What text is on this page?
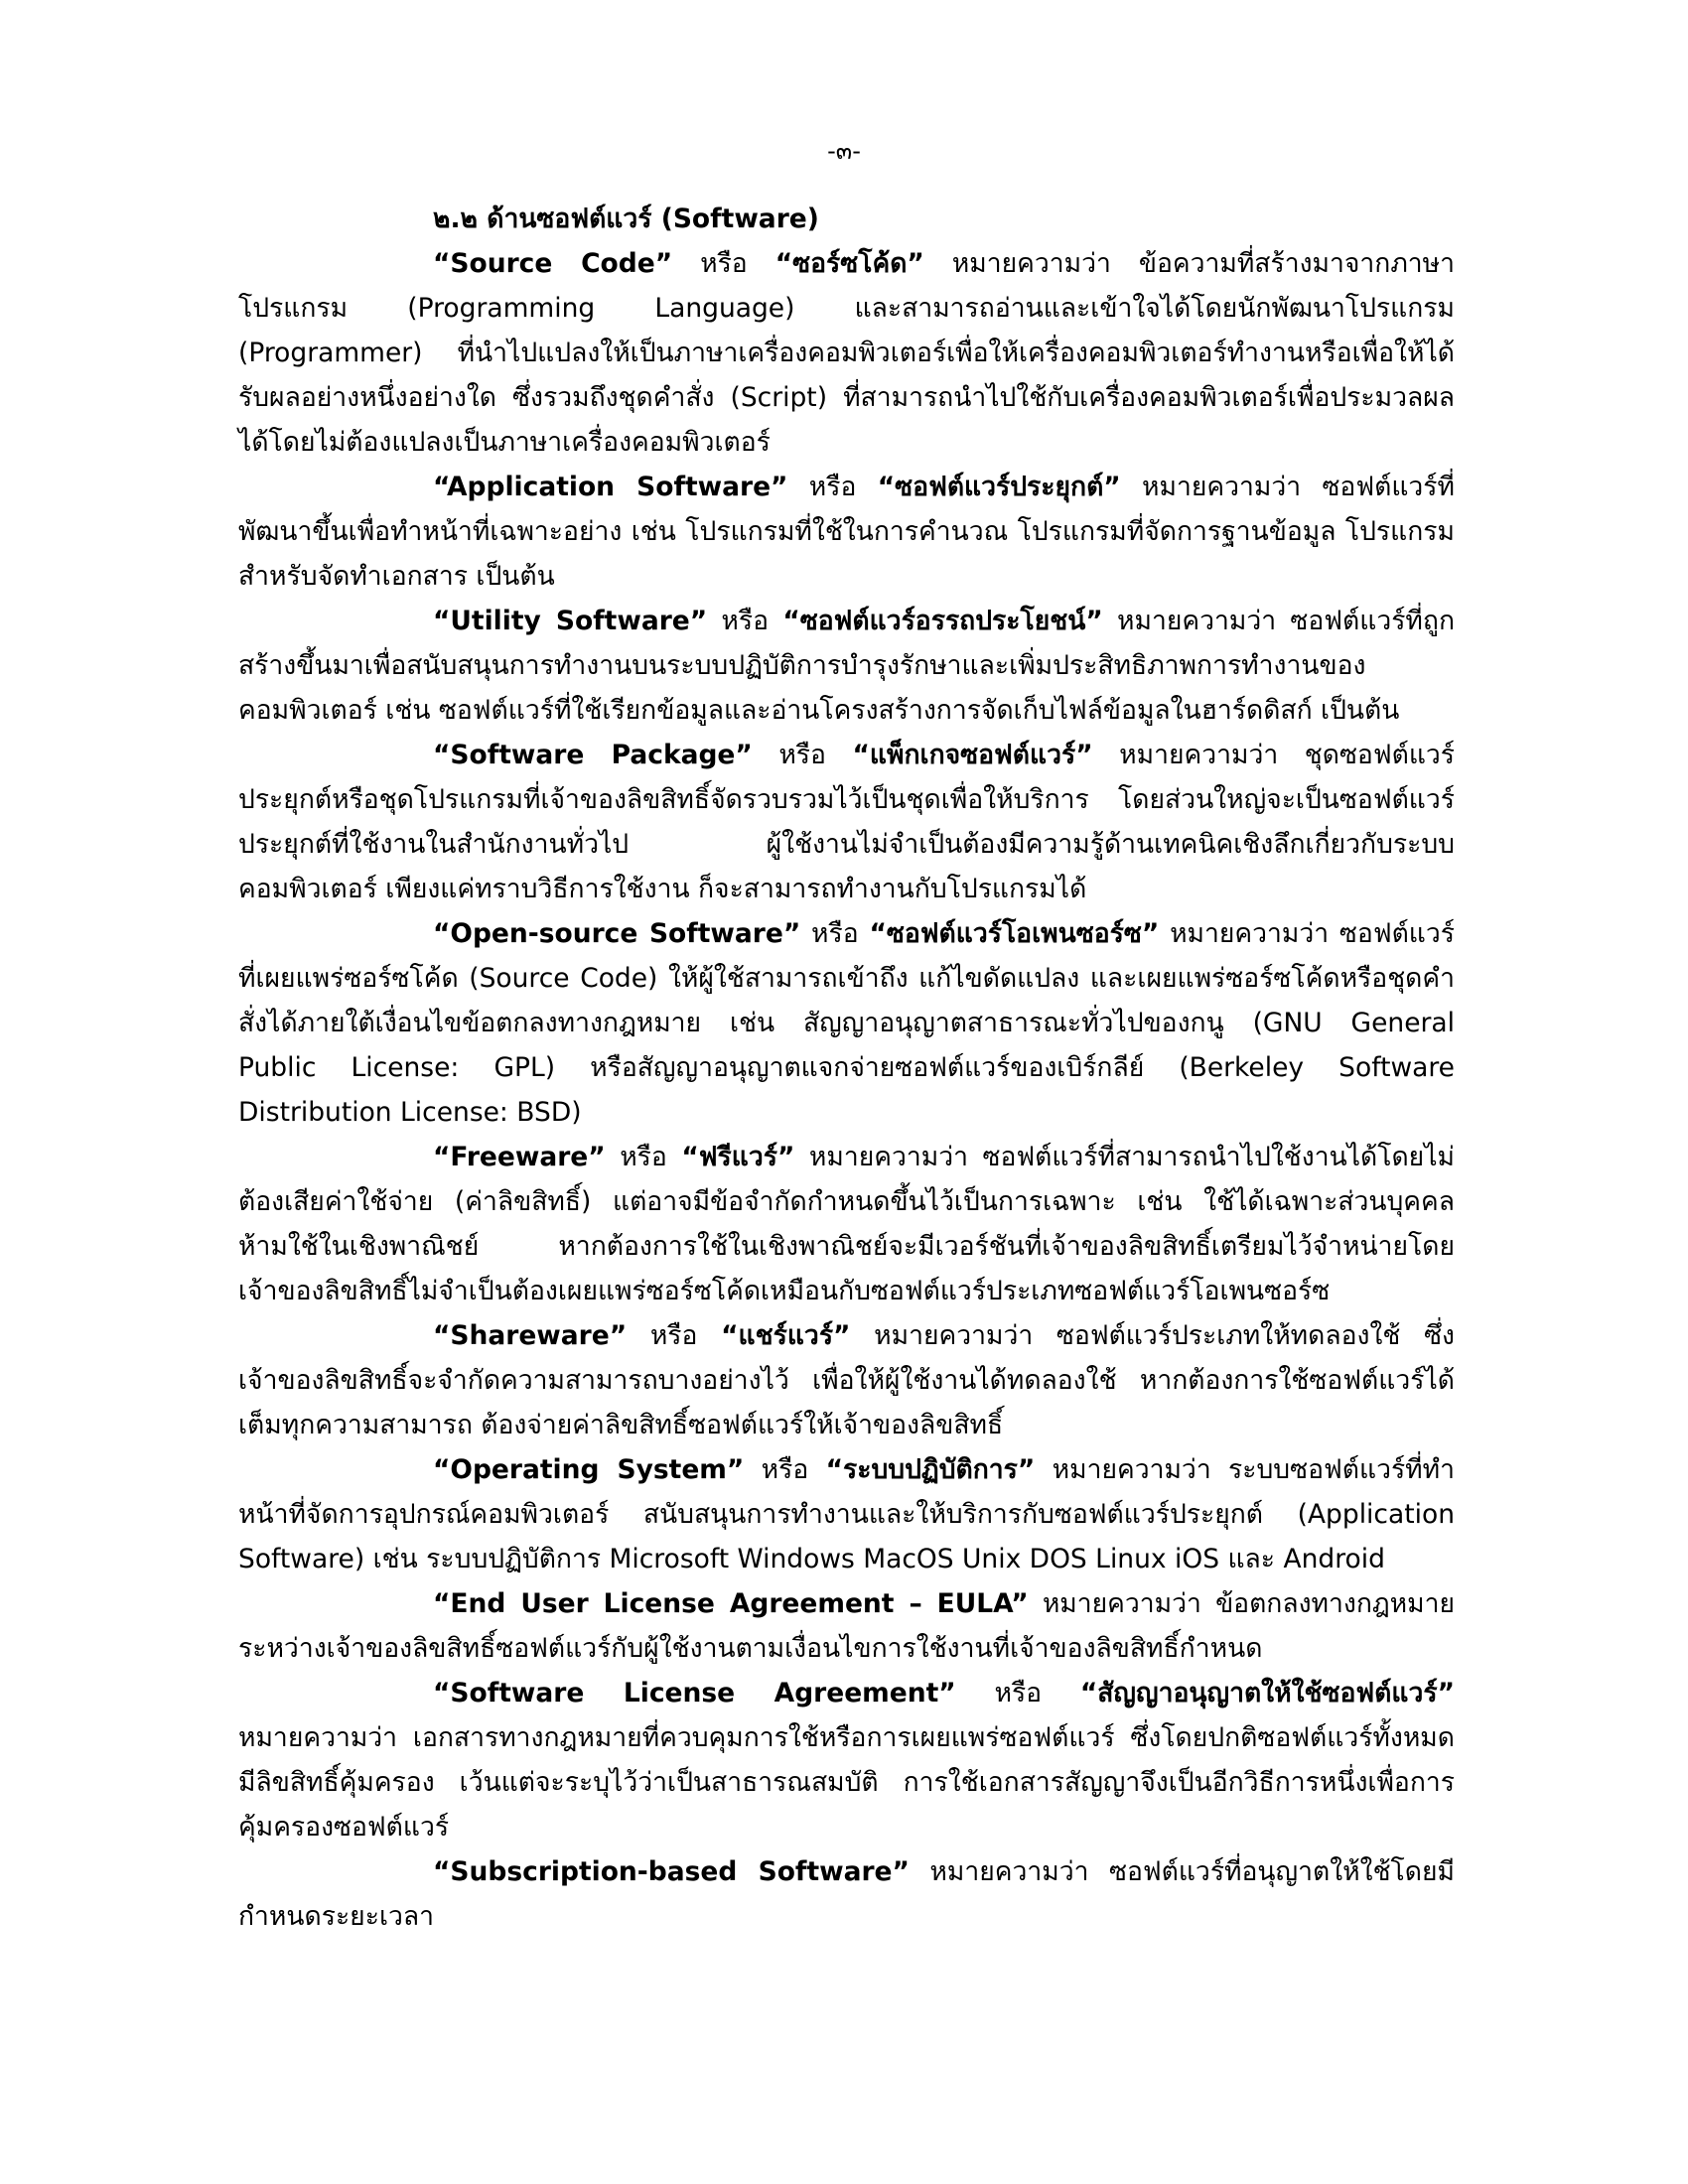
-๓-
๒.๒ ด้านซอฟต์แวร์ (Software)

“Source Code” หรือ “ซอร์ซโค้ด” หมายความว่า ข้อความที่สร้างมาจากภาษาโปรแกรม (Programming Language) และสามารถอ่านและเข้าใจได้โดยนักพัฒนาโปรแกรม (Programmer) ที่นำไปแปลงให้เป็นภาษาเครื่องคอมพิวเตอร์เพื่อให้เครื่องคอมพิวเตอร์ทำงานหรือเพื่อให้ได้รับผลอย่างหนึ่งอย่างใด ซึ่งรวมถึงชุดคำสั่ง (Script) ที่สามารถนำไปใช้กับเครื่องคอมพิวเตอร์เพื่อประมวลผลได้โดยไม่ต้องแปลงเป็นภาษาเครื่องคอมพิวเตอร์

“Application Software” หรือ “ซอฟต์แวร์ประยุกต์” หมายความว่า ซอฟต์แวร์ที่พัฒนาขึ้นเพื่อทำหน้าที่เฉพาะอย่าง เช่น โปรแกรมที่ใช้ในการคำนวณ โปรแกรมที่จัดการฐานข้อมูล โปรแกรมสำหรับจัดทำเอกสาร เป็นต้น

“Utility Software” หรือ “ซอฟต์แวร์อรรถประโยชน์” หมายความว่า ซอฟต์แวร์ที่ถูกสร้างขึ้นมาเพื่อสนับสนุนการทำงานบนระบบปฏิบัติการบำรุงรักษาและเพิ่มประสิทธิภาพการทำงานของคอมพิวเตอร์ เช่น ซอฟต์แวร์ที่ใช้เรียกข้อมูลและอ่านโครงสร้างการจัดเก็บไฟล์ข้อมูลในฮาร์ดดิสก์ เป็นต้น

“Software Package” หรือ “แพ็กเกจซอฟต์แวร์” หมายความว่า ชุดซอฟต์แวร์ประยุกต์หรือชุดโปรแกรมที่เจ้าของลิขสิทธิ์จัดรวบรวมไว้เป็นชุดเพื่อให้บริการ โดยส่วนใหญ่จะเป็นซอฟต์แวร์ประยุกต์ที่ใช้งานในสำนักงานทั่วไป ผู้ใช้งานไม่จำเป็นต้องมีความรู้ด้านเทคนิคเชิงลึกเกี่ยวกับระบบคอมพิวเตอร์ เพียงแค่ทราบวิธีการใช้งาน ก็จะสามารถทำงานกับโปรแกรมได้

“Open-source Software” หรือ “ซอฟต์แวร์โอเพนซอร์ซ” หมายความว่า ซอฟต์แวร์ที่เผยแพร่ซอร์ซโค้ด (Source Code) ให้ผู้ใช้สามารถเข้าถึง แก้ไขดัดแปลง และเผยแพร่ซอร์ซโค้ดหรือชุดคำสั่งได้ภายใต้เงื่อนไขข้อตกลงทางกฎหมาย เช่น สัญญาอนุญาตสาธารณะทั่วไปของกนู (GNU General Public License: GPL) หรือสัญญาอนุญาตแจกจ่ายซอฟต์แวร์ของเบิร์กลีย์ (Berkeley Software Distribution License: BSD)

“Freeware” หรือ “ฟรีแวร์” หมายความว่า ซอฟต์แวร์ที่สามารถนำไปใช้งานได้โดยไม่ต้องเสียค่าใช้จ่าย (ค่าลิขสิทธิ์) แต่อาจมีข้อจำกัดกำหนดขึ้นไว้เป็นการเฉพาะ เช่น ใช้ได้เฉพาะส่วนบุคคล ห้ามใช้ในเชิงพาณิชย์ หากต้องการใช้ในเชิงพาณิชย์จะมีเวอร์ชันที่เจ้าของลิขสิทธิ์เตรียมไว้จำหน่ายโดยเจ้าของลิขสิทธิ์ไม่จำเป็นต้องเผยแพร่ซอร์ซโค้ดเหมือนกับซอฟต์แวร์ประเภทซอฟต์แวร์โอเพนซอร์ซ

“Shareware” หรือ “แชร์แวร์” หมายความว่า ซอฟต์แวร์ประเภทให้ทดลองใช้ ซึ่งเจ้าของลิขสิทธิ์จะจำกัดความสามารถบางอย่างไว้ เพื่อให้ผู้ใช้งานได้ทดลองใช้ หากต้องการใช้ซอฟต์แวร์ได้เต็มทุกความสามารถ ต้องจ่ายค่าลิขสิทธิ์ซอฟต์แวร์ให้เจ้าของลิขสิทธิ์

“Operating System” หรือ “ระบบปฏิบัติการ” หมายความว่า ระบบซอฟต์แวร์ที่ทำหน้าที่จัดการอุปกรณ์คอมพิวเตอร์ สนับสนุนการทำงานและให้บริการกับซอฟต์แวร์ประยุกต์ (Application Software) เช่น ระบบปฏิบัติการ Microsoft Windows MacOS Unix DOS Linux iOS และ Android

“End User License Agreement – EULA” หมายความว่า ข้อตกลงทางกฎหมายระหว่างเจ้าของลิขสิทธิ์ซอฟต์แวร์กับผู้ใช้งานตามเงื่อนไขการใช้งานที่เจ้าของลิขสิทธิ์กำหนด

“Software License Agreement” หรือ “สัญญาอนุญาตให้ใช้ซอฟต์แวร์” หมายความว่า เอกสารทางกฎหมายที่ควบคุมการใช้หรือการเผยแพร่ซอฟต์แวร์ ซึ่งโดยปกติซอฟต์แวร์ทั้งหมดมีลิขสิทธิ์คุ้มครอง เว้นแต่จะระบุไว้ว่าเป็นสาธารณสมบัติ การใช้เอกสารสัญญาจึงเป็นอีกวิธีการหนึ่งเพื่อการคุ้มครองซอฟต์แวร์

“Subscription-based Software” หมายความว่า ซอฟต์แวร์ที่อนุญาตให้ใช้โดยมีกำหนดระยะเวลา
